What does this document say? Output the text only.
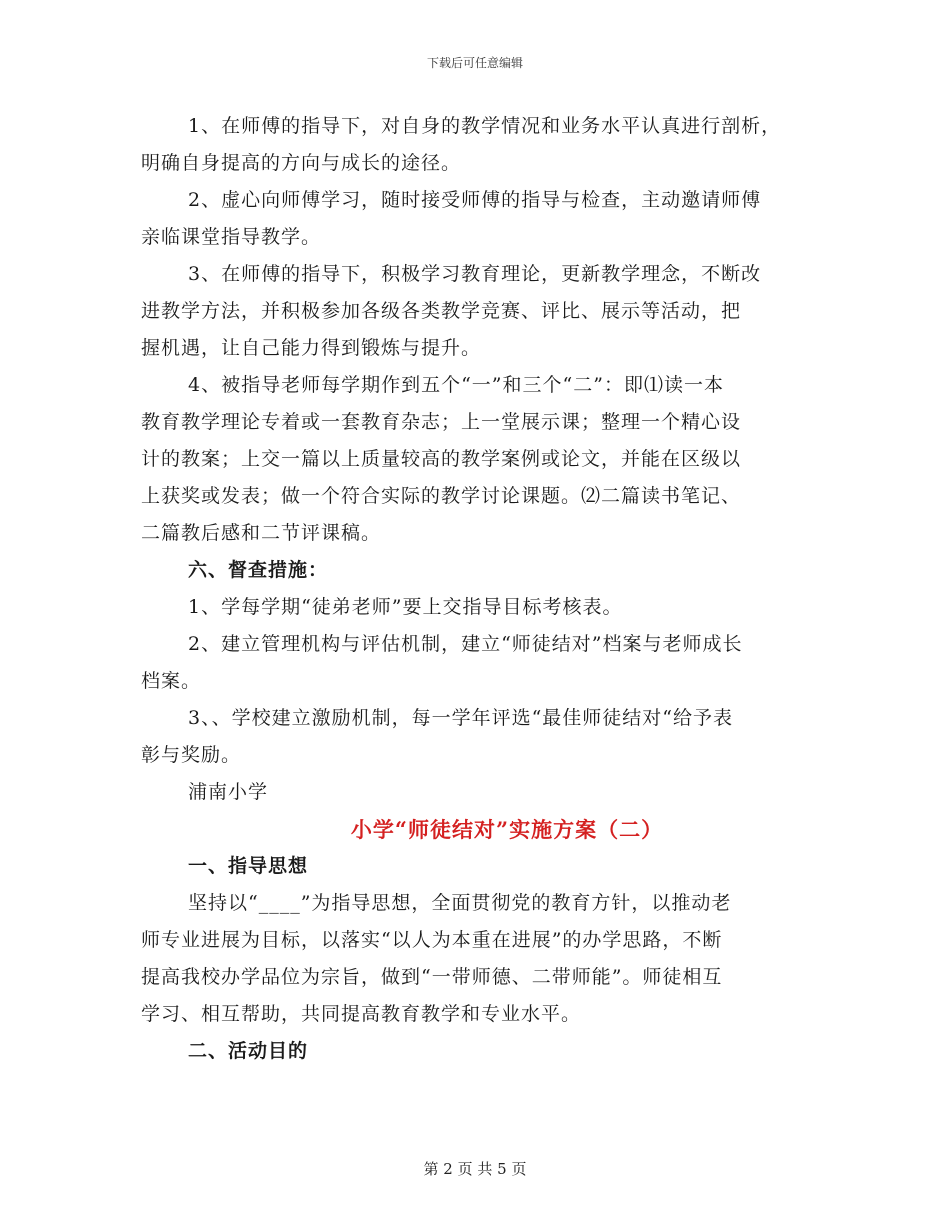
下载后可任意编辑
1、在师傅的指导下，对自身的教学情况和业务水平认真进行剖析，
明确自身提高的方向与成长的途径。
2、虚心向师傅学习，随时接受师傅的指导与检查，主动邀请师傅
亲临课堂指导教学。
3、在师傅的指导下，积极学习教育理论，更新教学理念，不断改
进教学方法，并积极参加各级各类教学竞赛、评比、展示等活动，把
握机遇，让自己能力得到锻炼与提升。
4、被指导老师每学期作到五个“一”和三个“二”：即⑴读一本
教育教学理论专着或一套教育杂志；上一堂展示课；整理一个精心设
计的教案；上交一篇以上质量较高的教学案例或论文，并能在区级以
上获奖或发表；做一个符合实际的教学讨论课题。⑵二篇读书笔记、
二篇教后感和二节评课稿。
六、督查措施：
1、学每学期“徒弟老师”要上交指导目标考核表。
2、建立管理机构与评估机制，建立“师徒结对”档案与老师成长
档案。
3、、学校建立激励机制，每一学年评选“最佳师徒结对“给予表
彰与奖励。
浦南小学
小学“师徒结对”实施方案（二）
一、指导思想
坚持以“____”为指导思想，全面贯彻党的教育方针，以推动老
师专业进展为目标，以落实“以人为本重在进展”的办学思路，不断
提高我校办学品位为宗旨，做到“一带师德、二带师能”。师徒相互
学习、相互帮助，共同提高教育教学和专业水平。
二、活动目的
第 2 页 共 5 页
